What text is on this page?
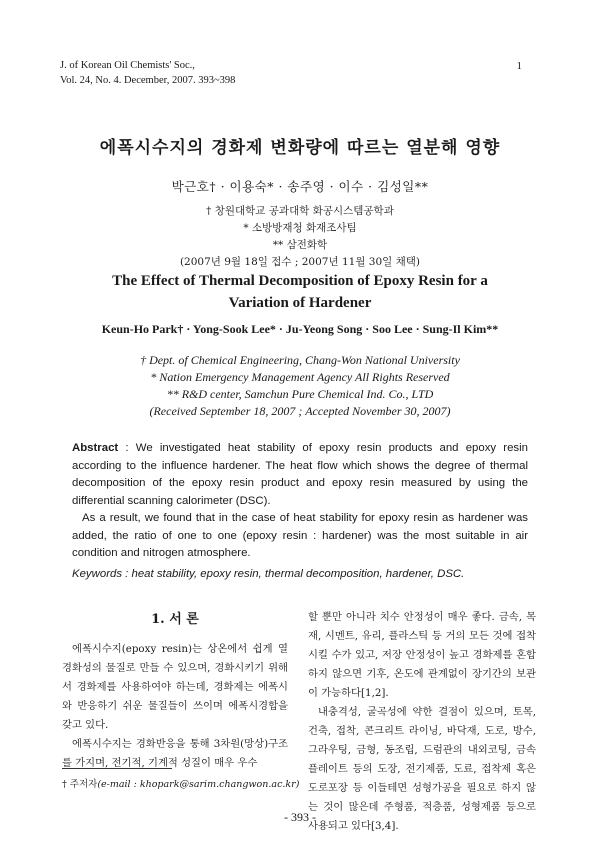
J. of Korean Oil Chemists' Soc.,
Vol. 24, No. 4. December, 2007. 393~398
1
에폭시수지의 경화제 변화량에 따르는 열분해 영향
박근호† · 이용숙* · 송주영 · 이수 · 김성일**
† 창원대학교 공과대학 화공시스템공학과
* 소방방재청 화재조사팀
** 삼전화학
(2007년 9월 18일 접수 ; 2007년 11월 30일 채택)
The Effect of Thermal Decomposition of Epoxy Resin for a
Variation of Hardener
Keun-Ho Park† · Yong-Sook Lee* · Ju-Yeong Song · Soo Lee · Sung-Il Kim**
† Dept. of Chemical Engineering, Chang-Won National University
* Nation Emergency Management Agency All Rights Reserved
** R&D center, Samchun Pure Chemical Ind. Co., LTD
(Received September 18, 2007 ; Accepted November 30, 2007)

Abstract : We investigated heat stability of epoxy resin products and epoxy resin according to the influence hardener. The heat flow which shows the degree of thermal decomposition of the epoxy resin product and epoxy resin measured by using the differential scanning calorimeter (DSC).

As a result, we found that in the case of heat stability for epoxy resin as hardener was added, the ratio of one to one (epoxy resin : hardener) was the most suitable in air condition and nitrogen atmosphere.

Keywords : heat stability, epoxy resin, thermal decomposition, hardener, DSC.
1. 서 론

에폭시수지(epoxy resin)는 상온에서 쉽게 열경화성의 물질로 만들 수 있으며, 경화시키기 위해서 경화제를 사용하여야 하는데, 경화제는 에폭시와 반응하기 쉬운 물질들이 쓰이며 에폭시경합을 갖고 있다.

에폭시수지는 경화반응을 통해 3차원(망상)구조를 가지며, 전기적, 기계적 성질이 매우 우수

할 뿐만 아니라 치수 안정성이 매우 좋다. 금속, 목재, 시멘트, 유리, 플라스틱 등 거의 모든 것에 접착시킬 수가 있고, 저장 안정성이 높고 경화제를 혼합하지 않으면 기후, 온도에 관계없이 장기간의 보관이 가능하다[1,2].

내충격성, 굴곡성에 약한 결점이 있으며, 토목, 건축, 접착, 콘크리트 라이닝, 바닥재, 도로, 방수, 그라우팅, 금형, 동조립, 드럼관의 내외코팅, 금속 플레이트 등의 도장, 전기제품, 도료, 접착제 혹은 도로포장 등 이들테면 성형가공을 필요로 하지 않는 것이 많은데 주형품, 적층품, 성형제품 등으로 사용되고 있다[3,4].

† 주저자(e-mail : khopark@sarim.changwon.ac.kr)
- 393 -
